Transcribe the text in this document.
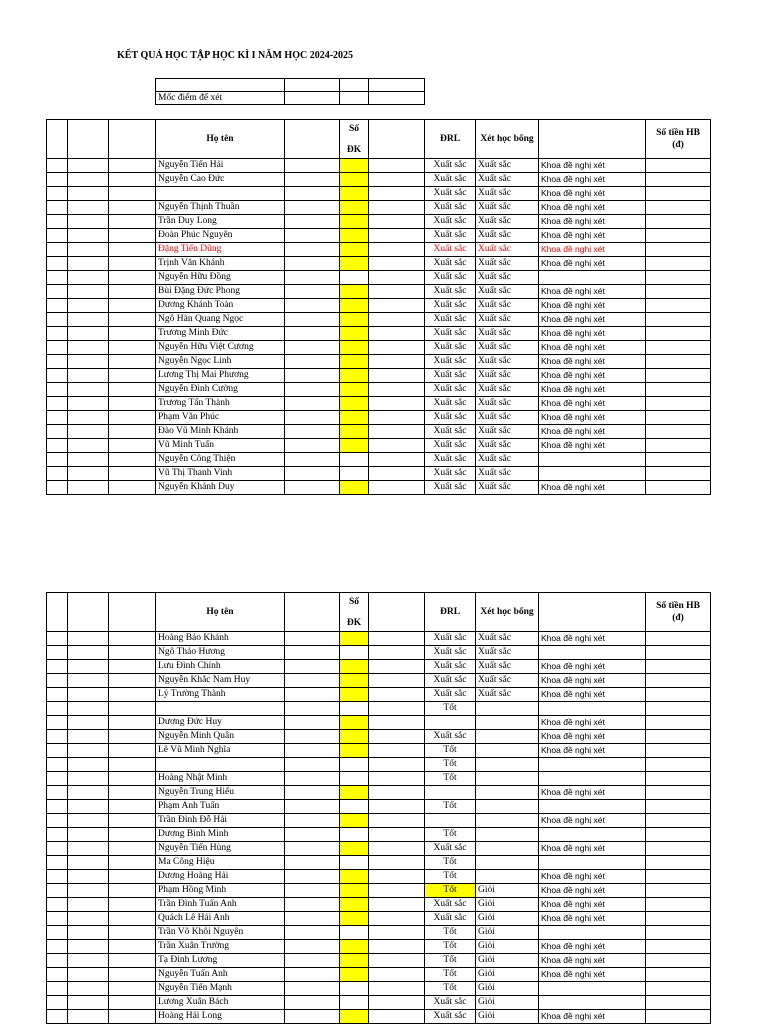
KẾT QUẢ HỌC TẬP HỌC KÌ I NĂM HỌC 2024-2025

Mốc điểm để xét			
			Họ tên		Số
ĐK		ĐRL	Xét học bổng		Số tiền HB
(đ)

			Nguyễn Tiến Hải				Xuất sắc	Xuất sắc	Khoa đề nghị xét	
			Nguyễn Cao Đức				Xuất sắc	Xuất sắc	Khoa đề nghị xét	
							Xuất sắc	Xuất sắc	Khoa đề nghị xét	
			Nguyễn Thịnh Thuần				Xuất sắc	Xuất sắc	Khoa đề nghị xét	
			Trần Duy Long				Xuất sắc	Xuất sắc	Khoa đề nghị xét	
			Đoàn Phúc Nguyên				Xuất sắc	Xuất sắc	Khoa đề nghị xét	
			Đặng Tiến Dũng				Xuất sắc	Xuất sắc	Khoa đề nghị xét	
			Trịnh Văn Khánh				Xuất sắc	Xuất sắc	Khoa đề nghị xét	
			Nguyễn Hữu Đồng				Xuất sắc	Xuất sắc		
			Bùi Đặng Đức Phong				Xuất sắc	Xuất sắc	Khoa đề nghị xét	
			Dương Khánh Toàn				Xuất sắc	Xuất sắc	Khoa đề nghị xét	
			Ngô Hàn Quang Ngọc				Xuất sắc	Xuất sắc	Khoa đề nghị xét	
			Trương Minh Đức				Xuất sắc	Xuất sắc	Khoa đề nghị xét	
			Nguyễn Hữu Việt Cương				Xuất sắc	Xuất sắc	Khoa đề nghị xét	
			Nguyễn Ngọc Linh				Xuất sắc	Xuất sắc	Khoa đề nghị xét	
			Lương Thị Mai Phương				Xuất sắc	Xuất sắc	Khoa đề nghị xét	
			Nguyễn Đình Cường				Xuất sắc	Xuất sắc	Khoa đề nghị xét	
			Trương Tấn Thành				Xuất sắc	Xuất sắc	Khoa đề nghị xét	
			Phạm Văn Phúc				Xuất sắc	Xuất sắc	Khoa đề nghị xét	
			Đào Vũ Minh Khánh				Xuất sắc	Xuất sắc	Khoa đề nghị xét	
			Vũ Minh Tuấn				Xuất sắc	Xuất sắc	Khoa đề nghị xét	
			Nguyễn Công Thiện				Xuất sắc	Xuất sắc		
			Vũ Thị Thanh Vinh				Xuất sắc	Xuất sắc		
			Nguyễn Khánh Duy				Xuất sắc	Xuất sắc	Khoa đề nghị xét	
			Họ tên		Số
ĐK		ĐRL	Xét học bổng		Số tiền HB
(đ)

			Hoàng Bảo Khánh				Xuất sắc	Xuất sắc	Khoa đề nghị xét	
			Ngô Thảo Hương				Xuất sắc	Xuất sắc		
			Lưu Đình Chính				Xuất sắc	Xuất sắc	Khoa đề nghị xét	
			Nguyễn Khắc Nam Huy				Xuất sắc	Xuất sắc	Khoa đề nghị xét	
			Lý Trường Thành				Xuất sắc	Xuất sắc	Khoa đề nghị xét	
							Tốt			
			Dương Đức Huy						Khoa đề nghị xét	
			Nguyễn Minh Quân				Xuất sắc		Khoa đề nghị xét	
			Lê Vũ Minh Nghĩa				Tốt		Khoa đề nghị xét	
							Tốt			
			Hoàng Nhật Minh				Tốt			
			Nguyễn Trung Hiếu						Khoa đề nghị xét	
			Phạm Anh Tuấn				Tốt			
			Trần Đình Đỗ Hải						Khoa đề nghị xét	
			Dương Bình Minh				Tốt			
			Nguyễn Tiến Hùng				Xuất sắc		Khoa đề nghị xét	
			Ma Công Hiệu				Tốt			
			Dương Hoàng Hải				Tốt		Khoa đề nghị xét	
			Phạm Hồng Minh				Tốt	Giỏi	Khoa đề nghị xét	
			Trần Đình Tuấn Anh				Xuất sắc	Giỏi	Khoa đề nghị xét	
			Quách Lê Hải Anh				Xuất sắc	Giỏi	Khoa đề nghị xét	
			Trần Võ Khôi Nguyên				Tốt	Giỏi		
			Trần Xuân Trường				Tốt	Giỏi	Khoa đề nghị xét	
			Tạ Đình Lương				Tốt	Giỏi	Khoa đề nghị xét	
			Nguyễn Tuấn Anh				Tốt	Giỏi	Khoa đề nghị xét	
			Nguyễn Tiến Mạnh				Tốt	Giỏi		
			Lương Xuân Bách				Xuất sắc	Giỏi		
			Hoàng Hải Long				Xuất sắc	Giỏi	Khoa đề nghị xét	
